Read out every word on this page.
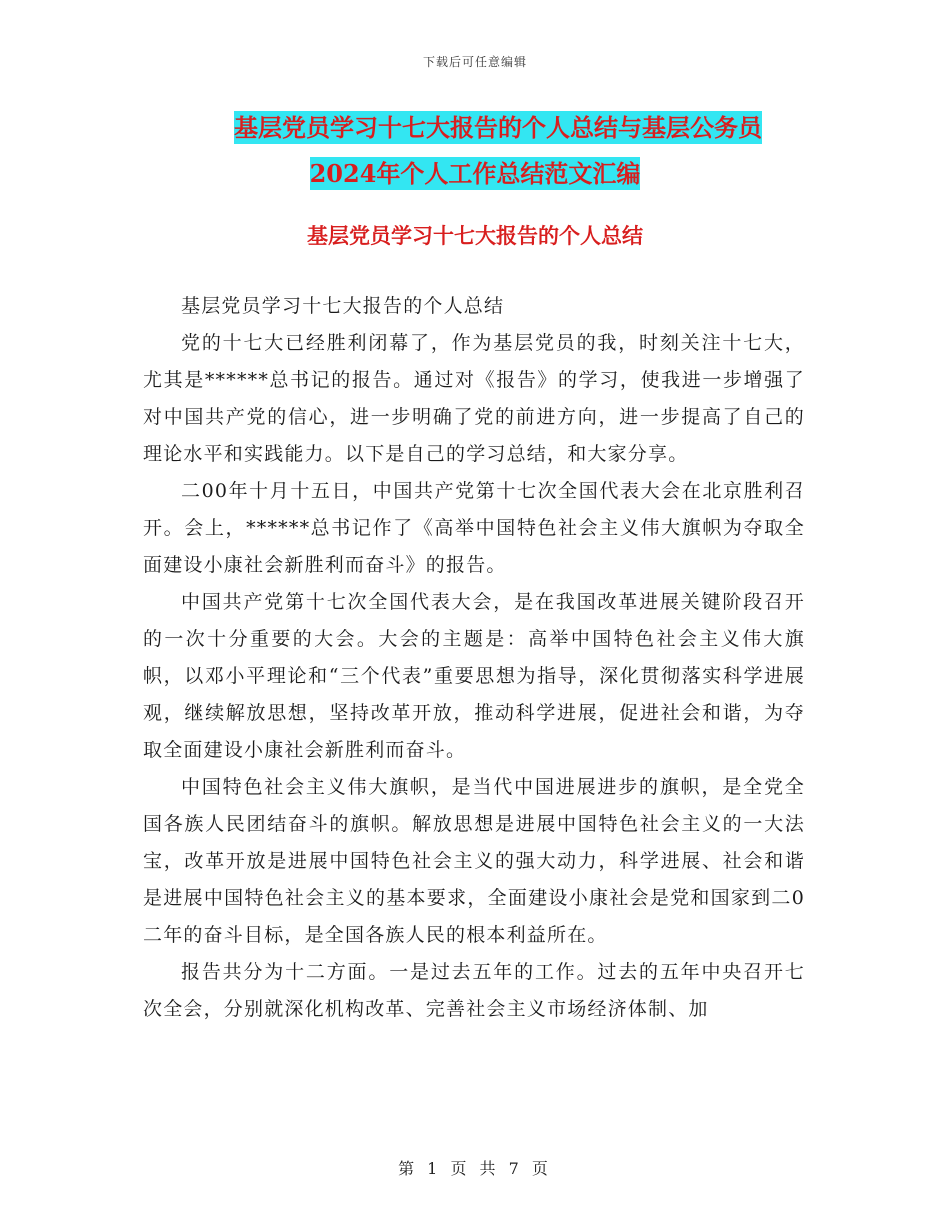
下载后可任意编辑
基层党员学习十七大报告的个人总结与基层公务员
2024年个人工作总结范文汇编
基层党员学习十七大报告的个人总结

基层党员学习十七大报告的个人总结

党的十七大已经胜利闭幕了，作为基层党员的我，时刻关注十七大，尤其是******总书记的报告。通过对《报告》的学习，使我进一步增强了对中国共产党的信心，进一步明确了党的前进方向，进一步提高了自己的理论水平和实践能力。以下是自己的学习总结，和大家分享。

二00年十月十五日，中国共产党第十七次全国代表大会在北京胜利召开。会上，******总书记作了《高举中国特色社会主义伟大旗帜为夺取全面建设小康社会新胜利而奋斗》的报告。

中国共产党第十七次全国代表大会，是在我国改革进展关键阶段召开的一次十分重要的大会。大会的主题是：高举中国特色社会主义伟大旗帜，以邓小平理论和“三个代表”重要思想为指导，深化贯彻落实科学进展观，继续解放思想，坚持改革开放，推动科学进展，促进社会和谐，为夺取全面建设小康社会新胜利而奋斗。

中国特色社会主义伟大旗帜，是当代中国进展进步的旗帜，是全党全国各族人民团结奋斗的旗帜。解放思想是进展中国特色社会主义的一大法宝，改革开放是进展中国特色社会主义的强大动力，科学进展、社会和谐是进展中国特色社会主义的基本要求，全面建设小康社会是党和国家到二0二年的奋斗目标，是全国各族人民的根本利益所在。

报告共分为十二方面。一是过去五年的工作。过去的五年中央召开七次全会，分别就深化机构改革、完善社会主义市场经济体制、加

第 1 页 共 7 页
